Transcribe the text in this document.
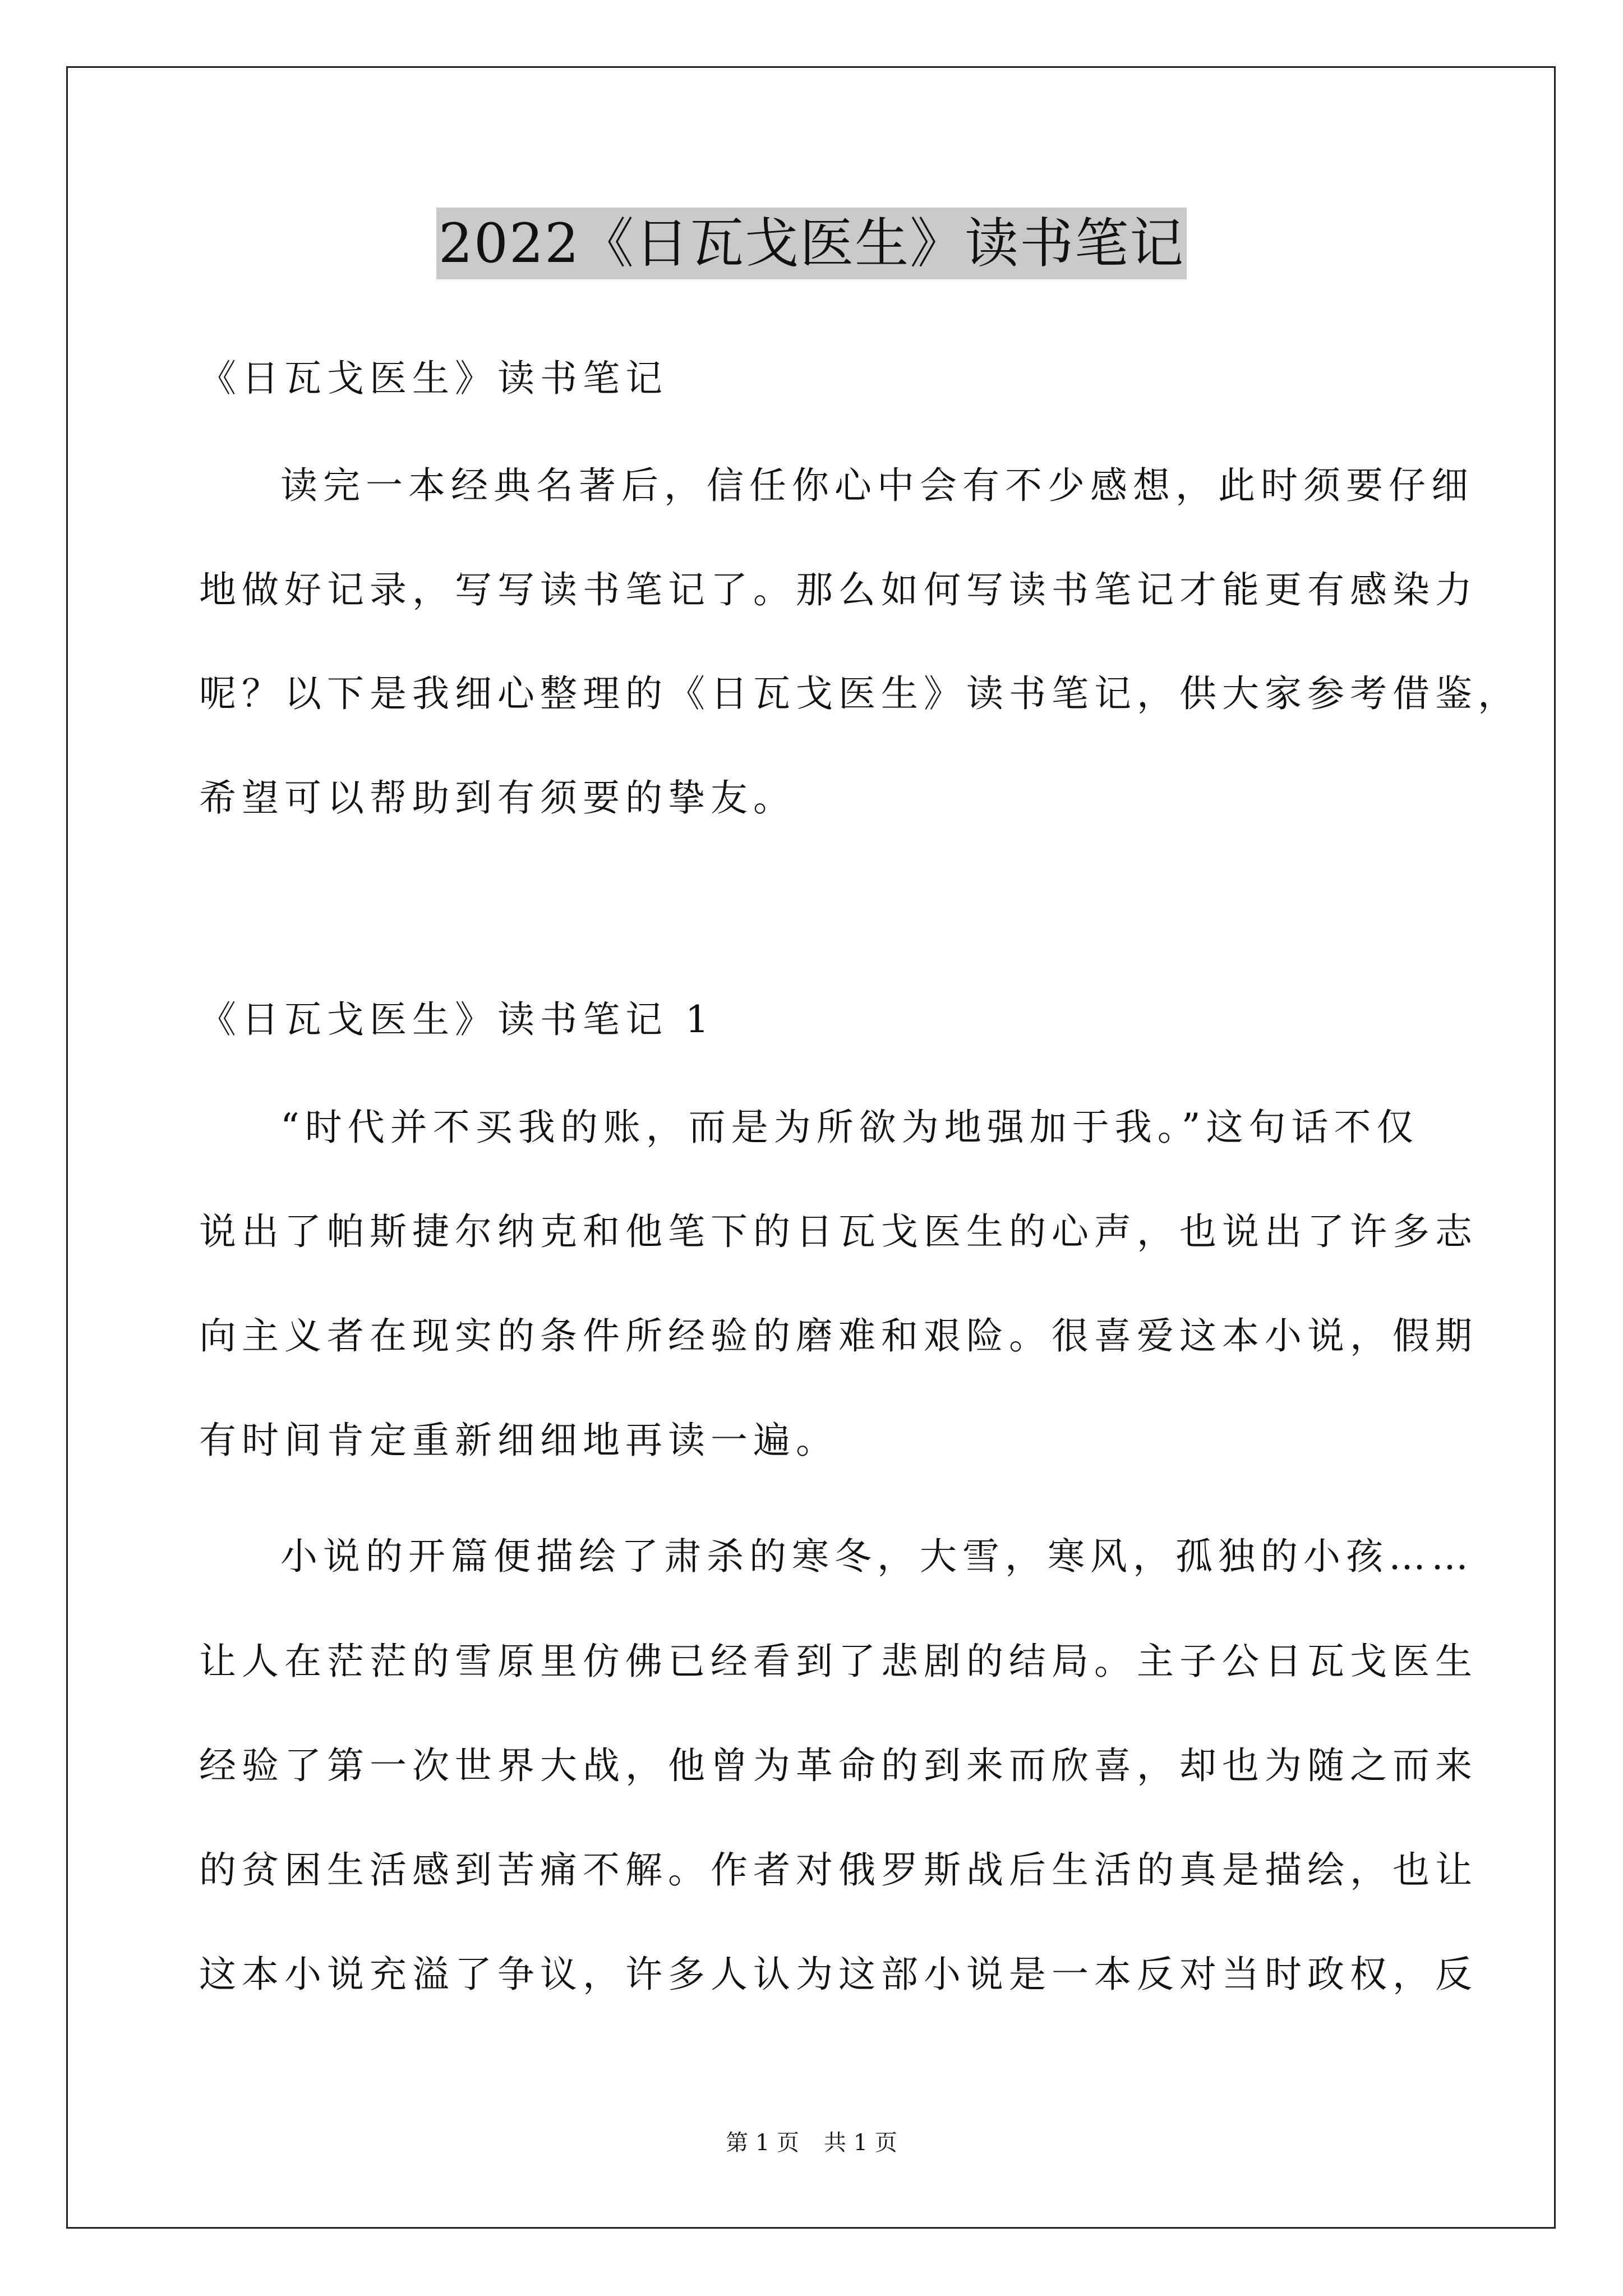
2022《日瓦戈医生》读书笔记
《日瓦戈医生》读书笔记
读完一本经典名著后，信任你心中会有不少感想，此时须要仔细
地做好记录，写写读书笔记了。那么如何写读书笔记才能更有感染力
呢？以下是我细心整理的《日瓦戈医生》读书笔记，供大家参考借鉴，
希望可以帮助到有须要的挚友。
《日瓦戈医生》读书笔记 1
“时代并不买我的账，而是为所欲为地强加于我。”这句话不仅
说出了帕斯捷尔纳克和他笔下的日瓦戈医生的心声，也说出了许多志
向主义者在现实的条件所经验的磨难和艰险。很喜爱这本小说，假期
有时间肯定重新细细地再读一遍。
小说的开篇便描绘了肃杀的寒冬，大雪，寒风，孤独的小孩……
让人在茫茫的雪原里仿佛已经看到了悲剧的结局。主子公日瓦戈医生
经验了第一次世界大战，他曾为革命的到来而欣喜，却也为随之而来
的贫困生活感到苦痛不解。作者对俄罗斯战后生活的真是描绘，也让
这本小说充溢了争议，许多人认为这部小说是一本反对当时政权，反
第 1 页 共 1 页
